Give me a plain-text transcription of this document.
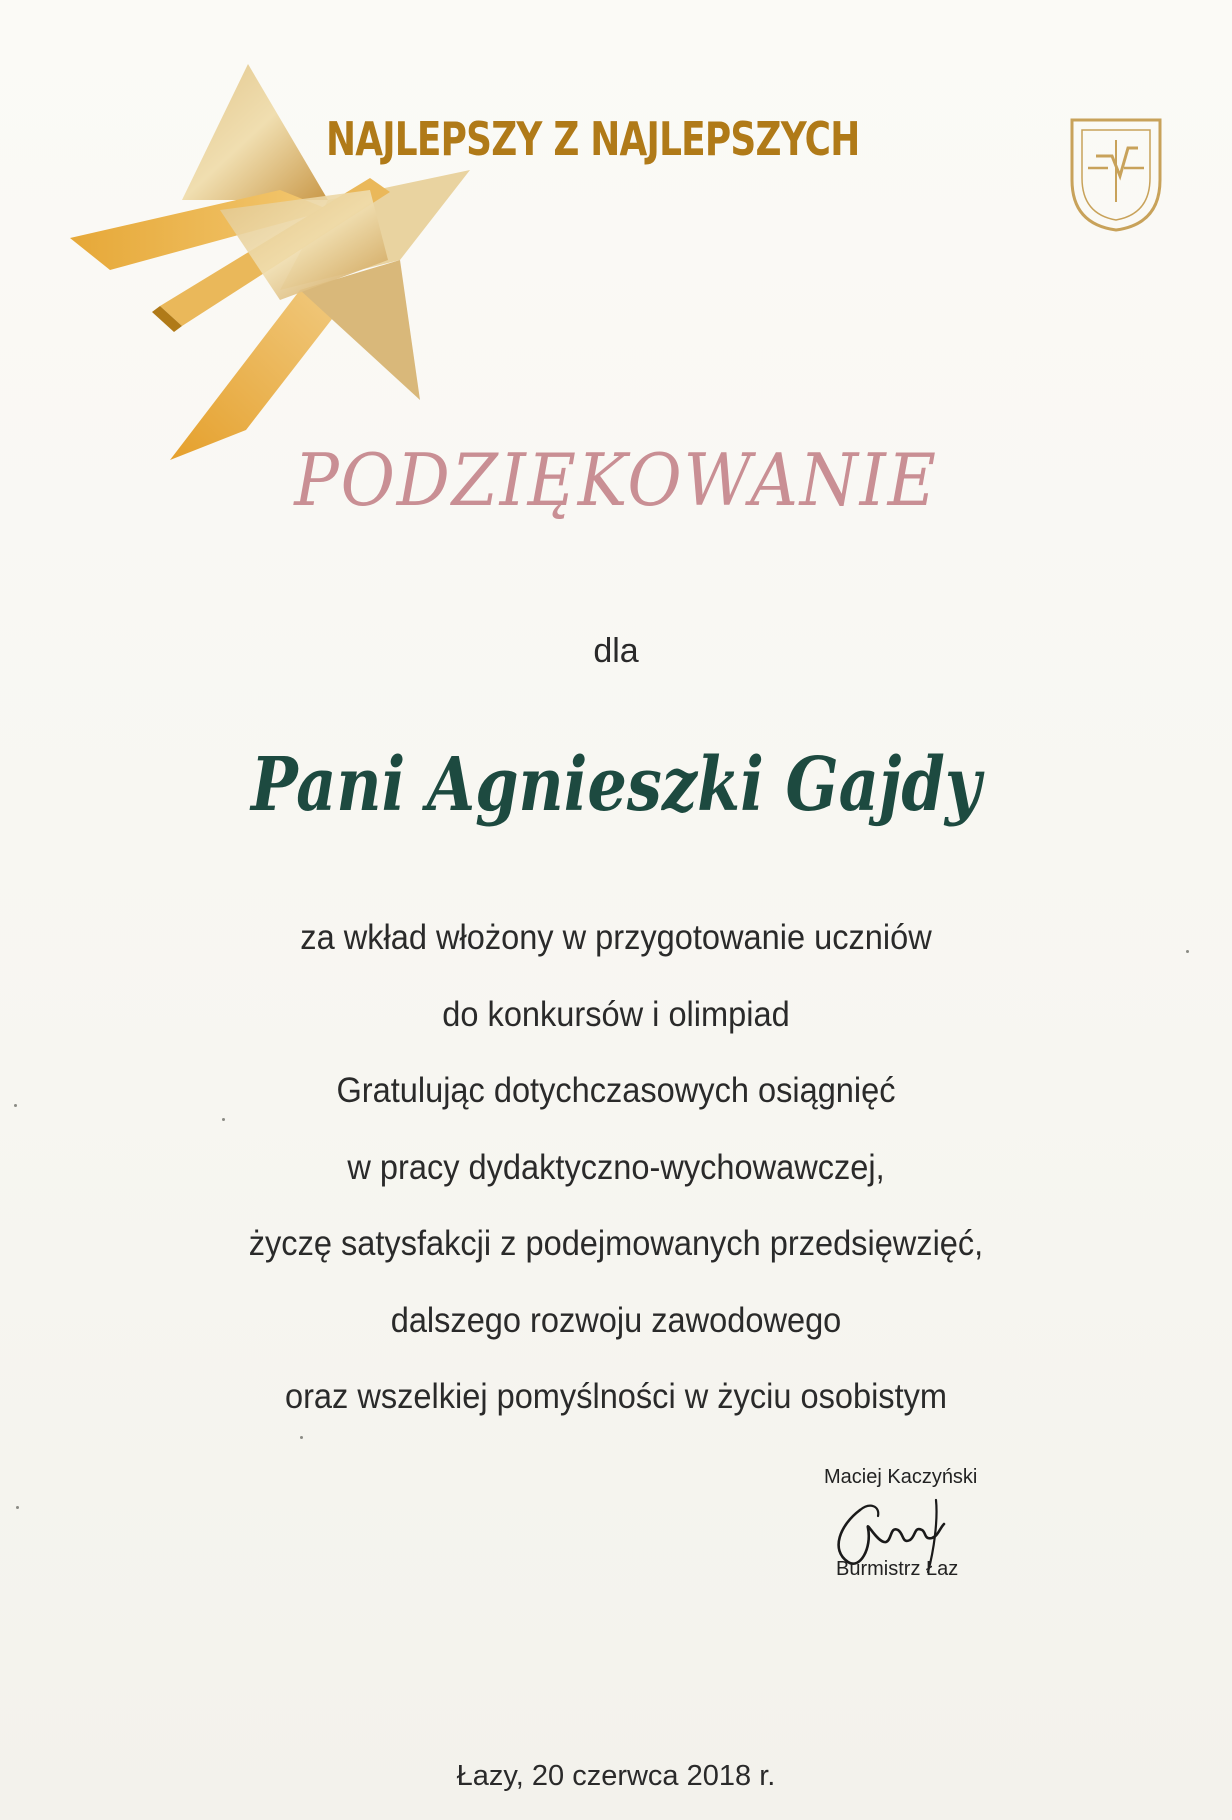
NAJLEPSZY Z NAJLEPSZYCH
PODZIĘKOWANIE
dla
Pani Agnieszki Gajdy
za wkład włożony w przygotowanie uczniów
do konkursów i olimpiad
Gratulując dotychczasowych osiągnięć
w pracy dydaktyczno-wychowawczej,
życzę satysfakcji z podejmowanych przedsięwzięć,
dalszego rozwoju zawodowego
oraz wszelkiej pomyślności w życiu osobistym
Maciej Kaczyński
Burmistrz Łaz
Łazy, 20 czerwca 2018 r.
